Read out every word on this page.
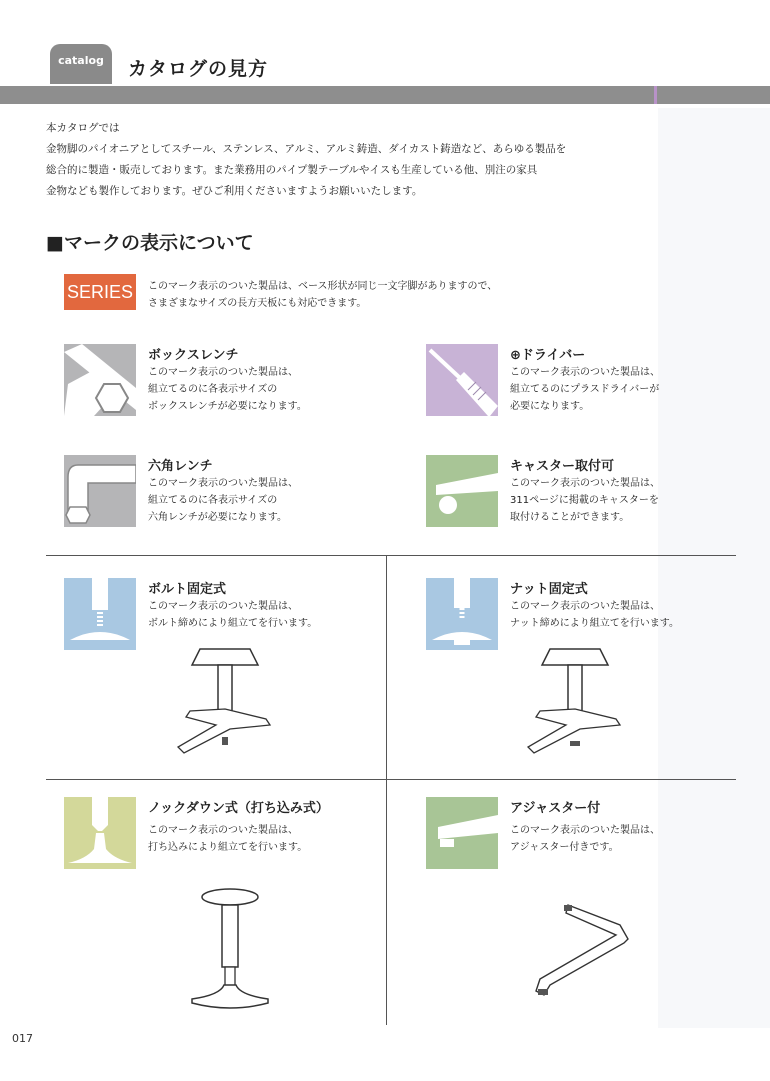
catalog	カタログの見方
本カタログでは
金物脚のパイオニアとしてスチール、ステンレス、アルミ、アルミ鋳造、ダイカスト鋳造など、あらゆる製品を
総合的に製造・販売しております。また業務用のパイプ製テーブルやイスも生産している他、別注の家具
金物なども製作しております。ぜひご利用くださいますようお願いいたします。
■マークの表示について
SERIES このマーク表示のついた製品は、ベース形状が同じ一文字脚がありますので、
さまざまなサイズの長方天板にも対応できます。
ボックスレンチ
このマーク表示のついた製品は、
組立てるのに各表示サイズの
ボックスレンチが必要になります。
⊕ドライバー
このマーク表示のついた製品は、
組立てるのにプラスドライバーが
必要になります。
六角レンチ
このマーク表示のついた製品は、
組立てるのに各表示サイズの
六角レンチが必要になります。
キャスター取付可
このマーク表示のついた製品は、
311ページに掲載のキャスターを
取付けることができます。
ボルト固定式
このマーク表示のついた製品は、
ボルト締めにより組立てを行います。
ナット固定式
このマーク表示のついた製品は、
ナット締めにより組立てを行います。
ノックダウン式（打ち込み式）
このマーク表示のついた製品は、
打ち込みにより組立てを行います。
アジャスター付
このマーク表示のついた製品は、
アジャスター付きです。
017
